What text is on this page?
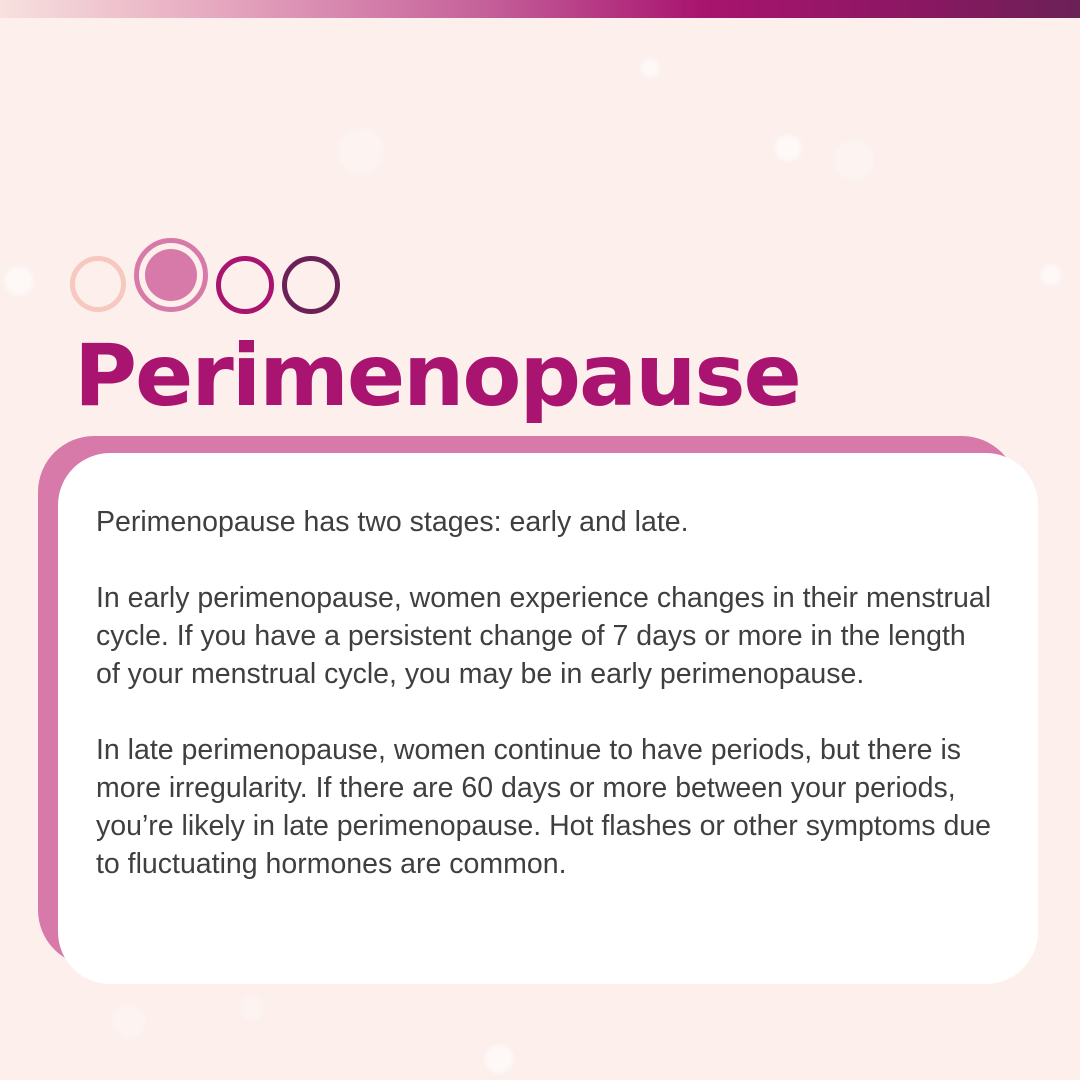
Perimenopause

Perimenopause has two stages: early and late.

In early perimenopause, women experience changes in their menstrual cycle. If you have a persistent change of 7 days or more in the length of your menstrual cycle, you may be in early perimenopause.

In late perimenopause, women continue to have periods, but there is more irregularity. If there are 60 days or more between your periods, you’re likely in late perimenopause. Hot flashes or other symptoms due to fluctuating hormones are common.
